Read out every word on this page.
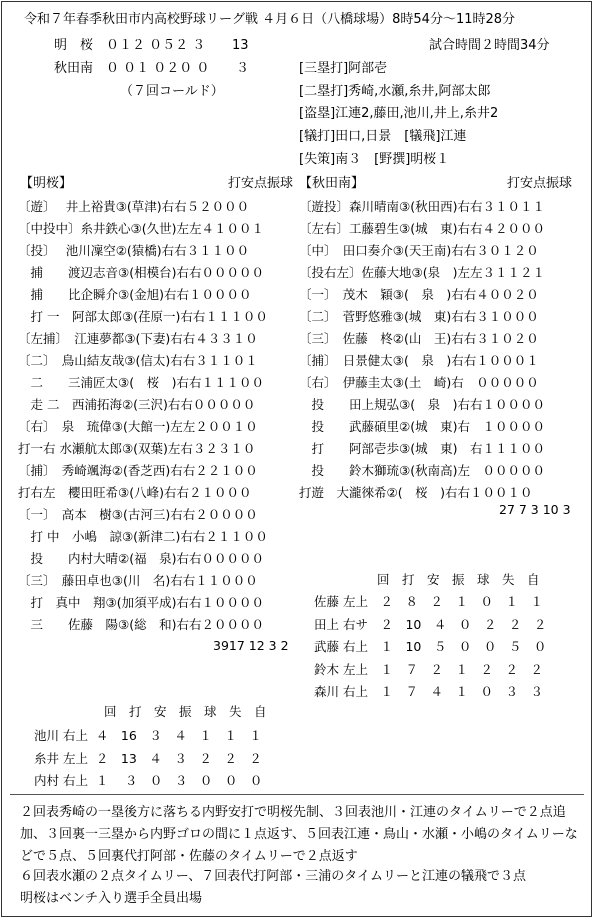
令和７年春季秋田市内高校野球リーグ戦 ４月６日（八橋球場）8時54分～11時28分
明　桜 ０１２ ０５２ ３ 13
秋田南 ０ ０１ ０２０ ０ ３
（７回コールド）
試合時間２時間34分
[三塁打]阿部壱
[二塁打]秀崎,水瀬,糸井,阿部太郎
[盗塁]江連2,藤田,池川,井上,糸井2
[犠打]田口,日景　[犠飛]江連
[失策]南３　[野撰]明桜１
【明桜】	打安点振球 【秋田南】	打安点振球
〔遊〕　 井上裕貴③(草津)右右５２０００
〔中投中〕糸井鉄心③(久世)左左４１００１
〔投〕　 池川凜空②(猿橋)右右３１１００
　捕　　渡辺志音③(相模台)右右０００００
　捕　　比企瞬介③(金旭)右右１００００
　打 一　阿部太郎③(荏原一)右右１１１００
〔左捕〕　江連夢都③(下妻)右右４３３１０
〔二〕　鳥山結友哉③(信太)右右３１１０１
　二　　三浦匠太③(　桜　)右右１１１００
　走 二　西浦拓海②(三沢)右右０００００
〔右〕　泉　琉偉③(大館一)左左２００１０
打一右 水瀬航太郎③(双葉)左右３２３１０
〔捕〕　秀崎颯海②(香芝西)右右２２１００
打右左　櫻田旺希③(八峰)右右２１０００
〔一〕　高本　樹③(古河三)右右２００００
　打 中　小嶋　諒③(新津二)右右２１１００
　投　　内村大晴②(福　泉)右右０００００
〔三〕　藤田卓也③(川　名)右右１１０００
　打　真中　翔③(加須平成)右右１００００
　三　　佐藤　陽③(総　和)右右２００００
3917 12 3 2
〔遊投〕森川晴南③(秋田西)右右３１０１１
〔左右〕工藤碧生③(城　東)右右４２０００
〔中〕　田口奏介③(天王南)右右３０１２０
〔投右左〕佐藤大地③(泉　)左左３１１２１
〔一〕　茂木　穎③(　泉　)右右４００２０
〔二〕　菅野悠雅③(城　東)右右３１０００
〔三〕　佐藤　柊②(山　王)右右３１０２０
〔捕〕　日景健太③(　泉　)右右１０００１
〔右〕　伊藤圭太③(土　崎)右　０００００
　投　　田上規弘③(　泉　)右右１００００
　投　　武藤碩里②(城　東)右　１００００
　打　　阿部壱歩③(城　東)　右１１１００
　投　　鈴木獅琉③(秋南高)左　０００００
打遊　大瀧徠希②(　桜　)右右１００１０
27 7 3 10 3
回　打　安　振　球　失　自
佐藤 左上　２　８　２　１　０　１　１
田上 右サ　２　10　４　０　２　２　２
武藤 右上　１　10　５　０　０　５　０
鈴木 左上　１　７　２　１　２　２　２
森川 右上　１　７　４　１　０　３　３
回　打　安　振　球　失　自
池川 右上  ４　16　３　４　１　１　１
糸井 左上  ２　13　４　３　２　２　２
内村 右上  １　 ３　０　３　０　０　０
２回表秀崎の一塁後方に落ちる内野安打で明桜先制、３回表池川・江連のタイムリーで２点追加、３回裏一三塁から内野ゴロの間に１点返す、５回表江連・鳥山・水瀬・小嶋のタイムリーなどで５点、５回裏代打阿部・佐藤のタイムリーで２点返す
６回表水瀬の２点タイムリー、７回表代打阿部・三浦のタイムリーと江連の犠飛で３点
明桜はベンチ入り選手全員出場
